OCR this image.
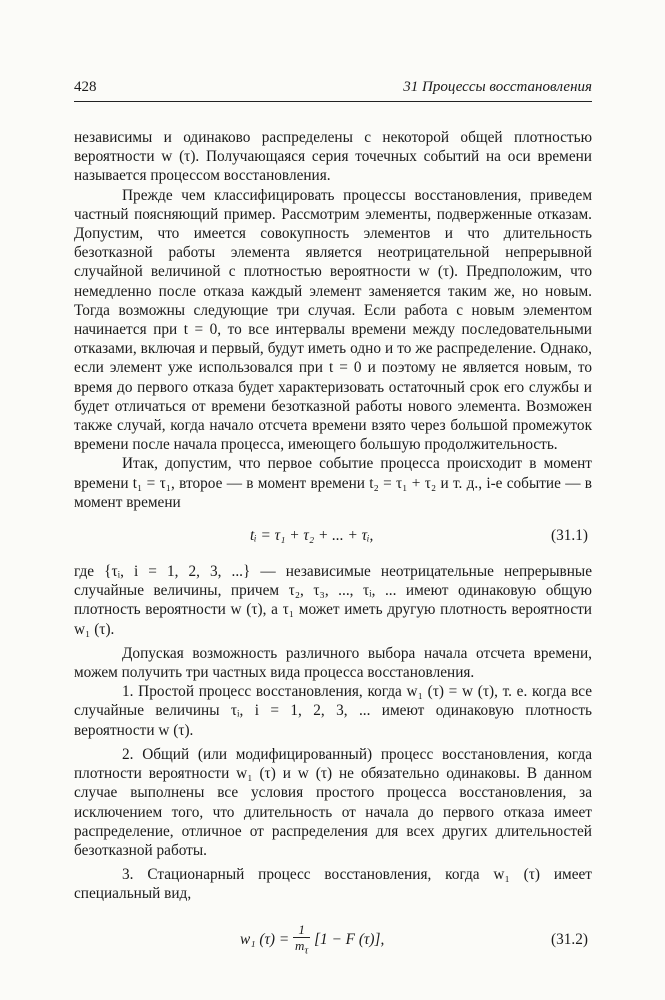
428	31 Процессы восстановления

независимы и одинаково распределены с некоторой общей плотностью вероятности w (τ). Получающаяся серия точечных событий на оси времени называется процессом восстановления.

Прежде чем классифицировать процессы восстановления, приведем частный поясняющий пример. Рассмотрим элементы, подверженные отказам. Допустим, что имеется совокупность элементов и что длительность безотказной работы элемента является неотрицательной непрерывной случайной величиной с плотностью вероятности w (τ). Предположим, что немедленно после отказа каждый элемент заменяется таким же, но новым. Тогда возможны следующие три случая. Если работа с новым элементом начинается при t = 0, то все интервалы времени между последовательными отказами, включая и первый, будут иметь одно и то же распределение. Однако, если элемент уже использовался при t = 0 и поэтому не является новым, то время до первого отказа будет характеризовать остаточный срок его службы и будет отличаться от времени безотказной работы нового элемента. Возможен также случай, когда начало отсчета времени взято через большой промежуток времени после начала процесса, имеющего большую продолжительность.

Итак, допустим, что первое событие процесса происходит в момент времени t₁ = τ₁, второе — в момент времени t₂ = τ₁ + τ₂ и т. д., i-е событие — в момент времени

tᵢ = τ₁ + τ₂ + ... + τᵢ,	(31.1)

где {τᵢ, i = 1, 2, 3, ...} — независимые неотрицательные непрерывные случайные величины, причем τ₂, τ₃, ..., τᵢ, ... имеют одинаковую общую плотность вероятности w (τ), а τ₁ может иметь другую плотность вероятности w₁ (τ).

Допуская возможность различного выбора начала отсчета времени, можем получить три частных вида процесса восстановления.

1. Простой процесс восстановления, когда w₁ (τ) = w (τ), т. е. когда все случайные величины τᵢ, i = 1, 2, 3, ... имеют одинаковую плотность вероятности w (τ).

2. Общий (или модифицированный) процесс восстановления, когда плотности вероятности w₁ (τ) и w (τ) не обязательно одинаковы. В данном случае выполнены все условия простого процесса восстановления, за исключением того, что длительность от начала до первого отказа имеет распределение, отличное от распределения для всех других длительностей безотказной работы.

3. Стационарный процесс восстановления, когда w₁ (τ) имеет специальный вид,

w₁ $(\tau) = \frac{1}{m_\tau} [1 - F$ (τ)],	(31.2)
